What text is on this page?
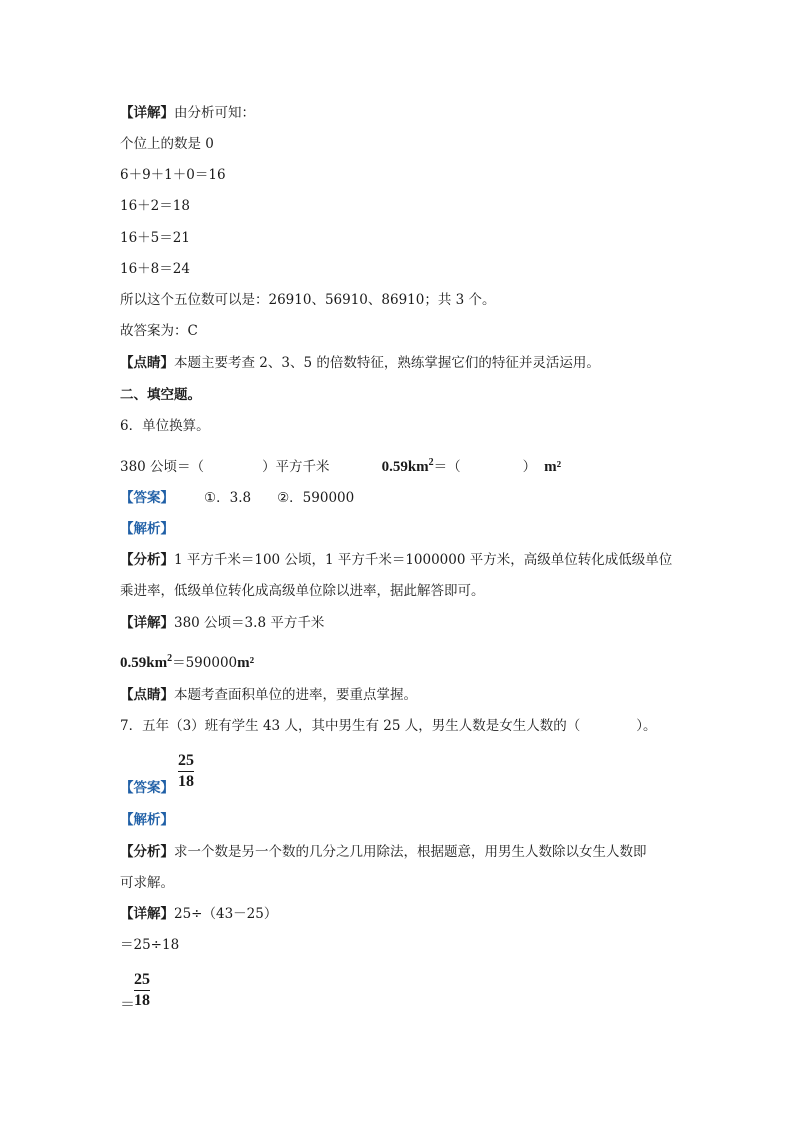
【详解】由分析可知：
个位上的数是 0
6＋9＋1＋0＝16
16＋2＝18
16＋5＝21
16＋8＝24
所以这个五位数可以是：26910、56910、86910；共 3 个。
故答案为：C
【点睛】本题主要考查 2、3、5 的倍数特征，熟练掌握它们的特征并灵活运用。
二、填空题。
6．单位换算。
380 公顷＝（	）平方千米	$0.59km^2=$（	） m²
【答案】 ①．3.8 ②．590000
【解析】
【分析】1 平方千米＝100 公顷，1 平方千米＝1000000 平方米，高级单位转化成低级单位
乘进率，低级单位转化成高级单位除以进率，据此解答即可。
【详解】380 公顷＝3.8 平方千米
$0.59km^2=590000m^2$
【点睛】本题考查面积单位的进率，要重点掌握。
7．五年（3）班有学生 43 人，其中男生有 25 人，男生人数是女生人数的（	）。
25
18
【答案】
【解析】
【分析】求一个数是另一个数的几分之几用除法，根据题意，用男生人数除以女生人数即
可求解。
【详解】25÷（43－25）
＝25÷18
＝
25
18
